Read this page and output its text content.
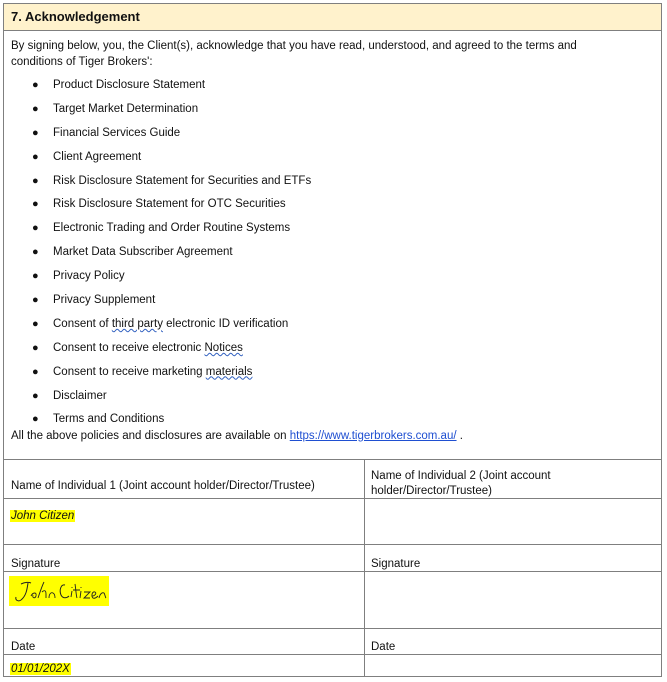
7. Acknowledgement
By signing below, you, the Client(s), acknowledge that you have read, understood, and agreed to the terms and conditions of Tiger Brokers':
● Product Disclosure Statement
● Target Market Determination
● Financial Services Guide
● Client Agreement
● Risk Disclosure Statement for Securities and ETFs
● Risk Disclosure Statement for OTC Securities
● Electronic Trading and Order Routine Systems
● Market Data Subscriber Agreement
● Privacy Policy
● Privacy Supplement
● Consent of third party electronic ID verification
● Consent to receive electronic Notices
● Consent to receive marketing materials
● Disclaimer
● Terms and Conditions
All the above policies and disclosures are available on https://www.tigerbrokers.com.au/ .
Name of Individual 1 (Joint account holder/Director/Trustee)
Name of Individual 2 (Joint account holder/Director/Trustee)
John Citizen
Signature	Signature
Date	Date
01/01/202X
